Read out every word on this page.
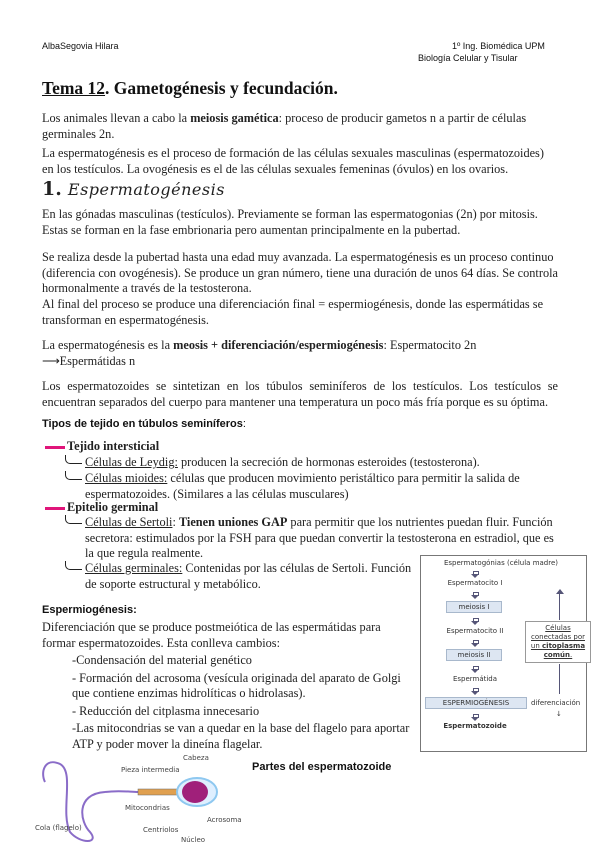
AlbaSegovia Hilara	1º Ing. Biomédica UPM
Biología Celular y Tisular
Tema 12. Gametogénesis y fecundación.
Los animales llevan a cabo la meiosis gamética: proceso de producir gametos n a partir de células germinales 2n.
La espermatogénesis es el proceso de formación de las células sexuales masculinas (espermatozoides) en los testículos. La ovogénesis es el de las células sexuales femeninas (óvulos) en los ovarios.
1. Espermatogénesis
En las gónadas masculinas (testículos). Previamente se forman las espermatogonias (2n) por mitosis. Estas se forman en la fase embrionaria pero aumentan principalmente en la pubertad.
Se realiza desde la pubertad hasta una edad muy avanzada. La espermatogénesis es un proceso continuo (diferencia con ovogénesis). Se produce un gran número, tiene una duración de unos 64 días. Se controla hormonalmente a través de la testosterona.
Al final del proceso se produce una diferenciación final = espermiogénesis, donde las espermátidas se transforman en espermatogénesis.
La espermatogénesis es la meosis + diferenciación/espermiogénesis: Espermatocito 2n ⟶Espermátidas n
Los espermatozoides se sintetizan en los túbulos seminíferos de los testículos. Los testículos se encuentran separados del cuerpo para mantener una temperatura un poco más fría porque es su óptima.
Tipos de tejido en túbulos seminíferos:
Tejido intersticial
Células de Leydig: producen la secreción de hormonas esteroides (testosterona).
Células mioides: células que producen movimiento peristáltico para permitir la salida de espermatozoides. (Similares a las células musculares)
Epitelio germinal
Células de Sertoli: Tienen uniones GAP para permitir que los nutrientes puedan fluir. Función secretora: estimulados por la FSH para que puedan convertir la testosterona en estradiol, que es la que regula realmente.
Células germinales: Contenidas por las células de Sertoli. Función de soporte estructural y metabólico.
Espermiogénesis:
Diferenciación que se produce postmeiótica de las espermátidas para formar espermatozoides. Esta conlleva cambios:
-Condensación del material genético
- Formación del acrosoma (vesícula originada del aparato de Golgi que contiene enzimas hidrolíticas o hidrolasas).
- Reducción del citplasma innecesario
-Las mitocondrias se van a quedar en la base del flagelo para aportar ATP y poder mover la dineína flagelar.
Espermatogónias (célula madre)
Espermatocito I
meiosis I
Espermatocito II
meiosis II
Espermátida
ESPERMIOGÉNESIS
Espermatozoide
Células conectadas por un citoplasma común.
diferenciación
↓
Cabeza
Pieza intermedia
Mitocondrias
Cola (flagelo)	Centriolos
Núcleo
Acrosoma
Partes del espermatozoide
